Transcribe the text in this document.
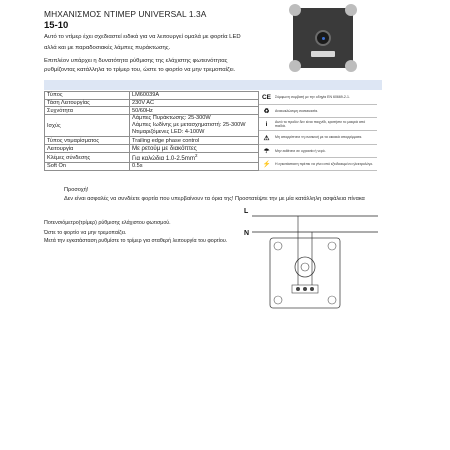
ΜΗΧΑΝΙΣΜΟΣ ΝΤΙΜΕΡ UNIVERSAL 1.3A
15-10
Αυτό το ντίμερ έχει σχεδιαστεί ειδικά για να λειτουργεί ομαλά με φορτία LED
αλλά και με παραδοσιακές λάμπες πυράκτωσης.
Επιπλέον υπάρχει η δυνατότητα ρύθμισης της ελάχιστης φωτεινότητας
ρυθμίζοντας κατάλληλα το τρίμερ του, ώστε το φορτίο να μην τρεμοπαίζει.
Τύπος	LM60039A
Τάση Λειτουργίας	230V AC
Συχνότητα	50/60Hz
Ισχύς	Λάμπες Πυράκτωσης: 25-300W
Λάμπες Ιωδίνης με μετασχηματιστή: 25-300W
Ντιμαριζόμενες LED: 4-100W

Τύπος ντιμαρίσματος	Trailing edge phase control
Λειτουργία	Με ρετούμ με διακόπτες
Κλέμες σύνδεσης	Για καλώδια $1.0-2.5mm^2$
Soft On	0.5s
CE	Σύμφωνη συμβατή με την οδηγία EN 60669-2-1.
♻	Ανακυκλώσιμη συσκευασία.
i	Αυτό το προϊόν δεν είναι παιχνίδι, κρατήστε το μακριά από παιδιά.
⚠	Μη απορρίπτετε τη συσκευή με τα οικιακά απορρίμματα.
☂	Μην εκθέτετε σε υγρασία ή νερό.
⚡	Η εγκατάσταση πρέπει να γίνει από εξειδικευμένο ηλεκτρολόγο.
Προσοχή!
Δεν είναι ασφαλές να συνδέετε φορτία που υπερβαίνουν τα όρια της! Προστατέψτε την με μία κατάλληλη ασφάλεια πίνακα
Ποτενσιόμετρο(τρίμερ) ρύθμισης ελάχιστου φωτισμού.
Ώστε το φορτίο να μην τρεμοπαίζει.
Μετά την εγκατάσταση ρυθμίστε το τρίμερ για σταθερή λειτουργία του φορτίου.
L
N
